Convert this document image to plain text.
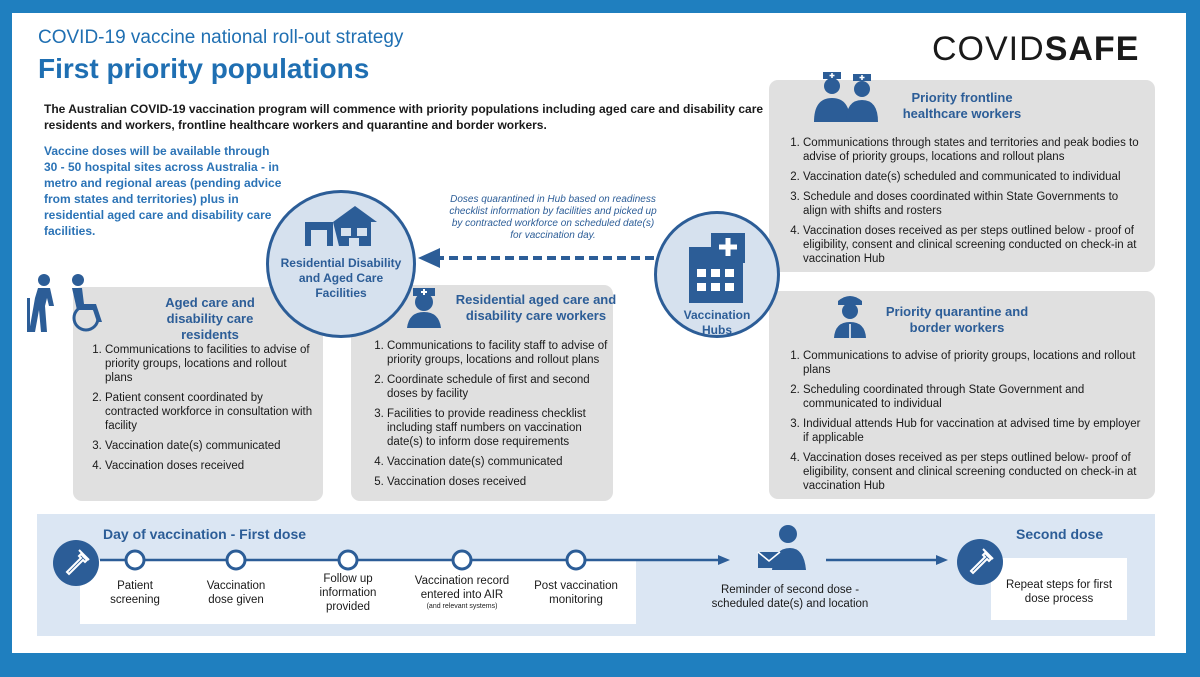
COVID-19 vaccine national roll-out strategy
First priority populations
COVIDSAFE
The Australian COVID-19 vaccination program will commence with priority populations including aged care and disability care residents and workers, frontline healthcare workers and quarantine and border workers.
Vaccine doses will be available through 30 - 50 hospital sites across Australia - in metro and regional areas (pending advice from states and territories) plus in residential aged care and disability care facilities.
Aged care and disability care residents
1. Communications to facilities to advise of priority groups, locations and rollout plans
2. Patient consent coordinated by contracted workforce in consultation with facility
3. Vaccination date(s) communicated
4. Vaccination doses received
Residential aged care and disability care workers
1. Communications to facility staff to advise of priority groups, locations and rollout plans
2. Coordinate schedule of first and second doses by facility
3. Facilities to provide readiness checklist including staff numbers on vaccination date(s) to inform dose requirements
4. Vaccination date(s) communicated
5. Vaccination doses received
Priority frontline healthcare workers
1. Communications through states and territories and peak bodies to advise of priority groups, locations and rollout plans
2. Vaccination date(s) scheduled and communicated to individual
3. Schedule and doses coordinated within State Governments to align with shifts and rosters
4. Vaccination doses received as per steps outlined below - proof of eligibility, consent and clinical screening conducted on check-in at vaccination Hub
Priority quarantine and border workers
1. Communications to advise of priority groups, locations and rollout plans
2. Scheduling coordinated through State Government and communicated to individual
3. Individual attends Hub for vaccination at advised time by employer if applicable
4. Vaccination doses received as per steps outlined below- proof of eligibility, consent and clinical screening conducted on check-in at vaccination Hub
Residential Disability and Aged Care Facilities
Vaccination Hubs
Doses quarantined in Hub based on readiness checklist information by facilities and picked up by contracted workforce on scheduled date(s) for vaccination day.
Day of vaccination - First dose
Patient screening
Vaccination dose given
Follow up information provided
Vaccination record entered into AIR
(and relevant systems)
Post vaccination monitoring
Reminder of second dose - scheduled date(s) and location
Second dose
Repeat steps for first dose process
